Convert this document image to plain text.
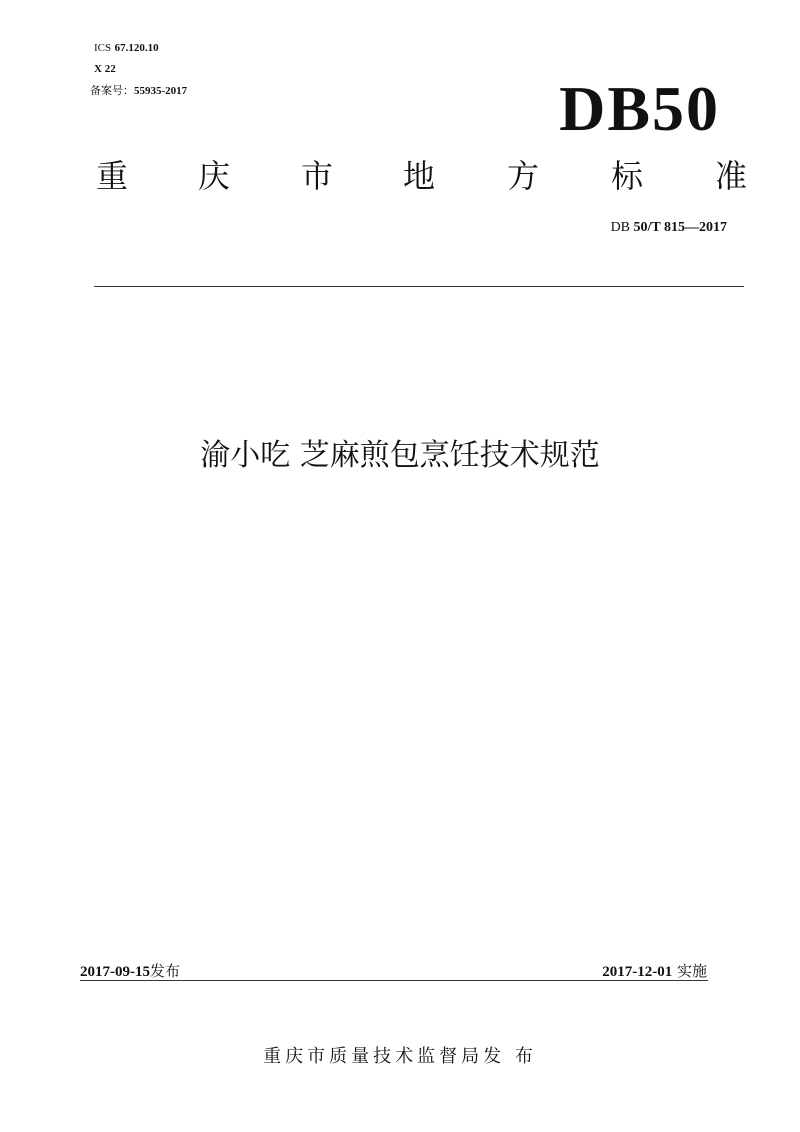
ICS 67.120.10
X 22
备案号：55935-2017	DB50
重 庆 市 地 方 标 准
DB 50/T 815—2017
渝小吃 芝麻煎包烹饪技术规范
2017-09-15发布	2017-12-01 实施
重庆市质量技术监督局发 布
